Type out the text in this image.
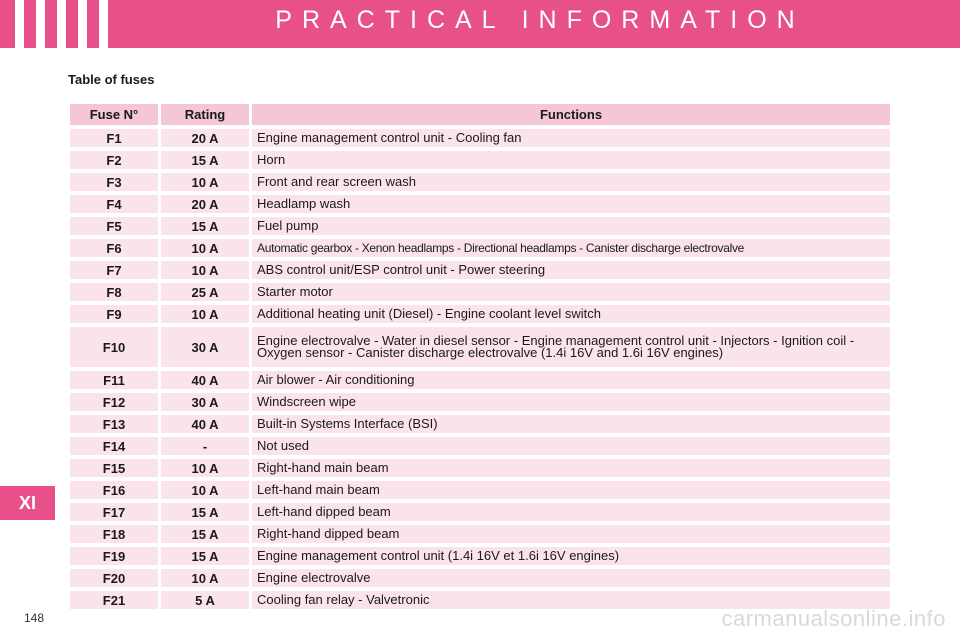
PRACTICAL INFORMATION
Table of fuses
Fuse N°	Rating	Functions
F1	20 A	Engine management control unit - Cooling fan
F2	15 A	Horn
F3	10 A	Front and rear screen wash
F4	20 A	Headlamp wash
F5	15 A	Fuel pump
F6	10 A	Automatic gearbox - Xenon headlamps - Directional headlamps - Canister discharge electrovalve
F7	10 A	ABS control unit/ESP control unit - Power steering
F8	25 A	Starter motor
F9	10 A	Additional heating unit (Diesel) - Engine coolant level switch
F10	30 A	Engine electrovalve - Water in diesel sensor - Engine management control unit - Injectors - Ignition coil - Oxygen sensor - Canister discharge electrovalve (1.4i 16V and 1.6i 16V engines)
F11	40 A	Air blower - Air conditioning
F12	30 A	Windscreen wipe
F13	40 A	Built-in Systems Interface (BSI)
F14	-	Not used
F15	10 A	Right-hand main beam
F16	10 A	Left-hand main beam
F17	15 A	Left-hand dipped beam
F18	15 A	Right-hand dipped beam
F19	15 A	Engine management control unit (1.4i 16V et 1.6i 16V engines)
F20	10 A	Engine electrovalve
F21	5 A	Cooling fan relay - Valvetronic
XI
148	carmanualsonline.info
